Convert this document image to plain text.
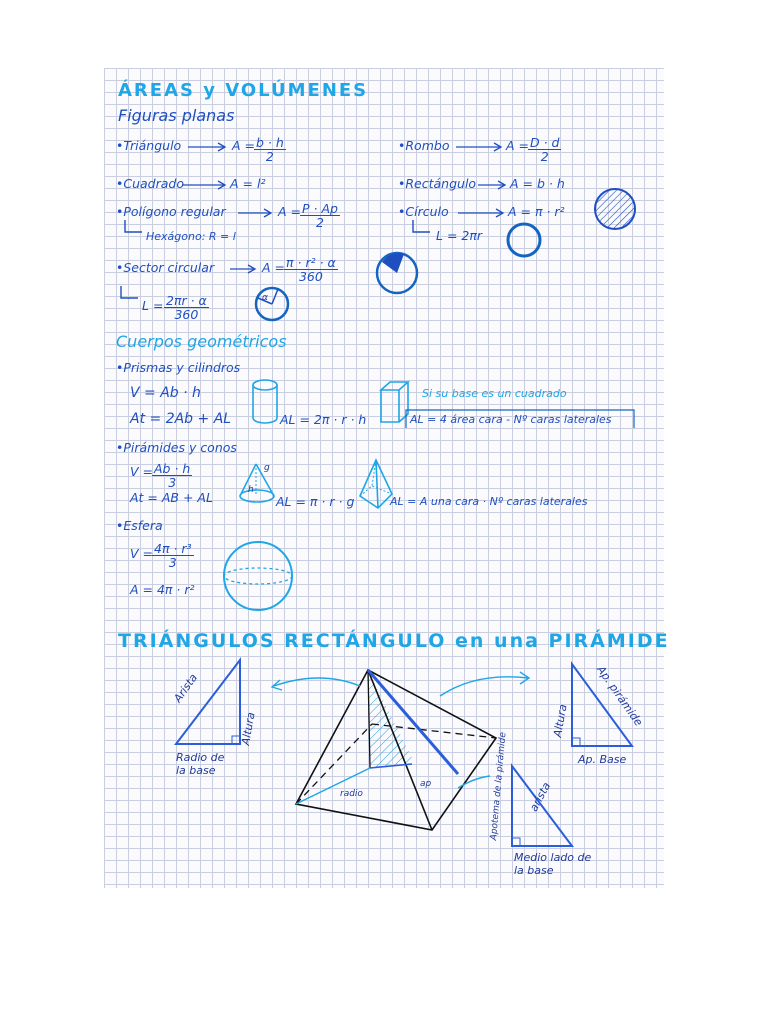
ÁREAS y VOLÚMENES
Figuras planas
•Triángulo	$A = \frac{b \cdot h}{2}$	•Rombo	$A = \frac{D \cdot d}{2}$
•Cuadrado	A = l²	•Rectángulo	A = b · h
•Polígono regular	$A = \frac{P \cdot Ap}{2}$
Hexágono: R = l
•Círculo	A = π · r²
L = 2πr
•Sector circular	$A = \frac{\text{π · r² · α}}{360}$
$L = \frac{2\pi r \cdot \alpha}{360}$	α
Cuerpos geométricos
•Prismas y cilindros
V = Ab · h
At = 2Ab + AL	AL = 2π · r · h
Si su base es un cuadrado
AL = 4 área cara - Nº caras laterales
•Pirámides y conos
$V = \frac{Ab \cdot h}{3}$
At = AB + AL
g
h
AL = π · r · g	AL = A una cara · Nº caras laterales
•Esfera
$V = \frac{\text{4π · r³}}{3}$
A = 4π · r²
TRIÁNGULOS RECTÁNGULO en una PIRÁMIDE
Arista
Altura
Radio de la base
radio
ap
Ap. pirámide
Altura
Ap. Base
arista
Apotema de la pirámide
Medio lado de la base
